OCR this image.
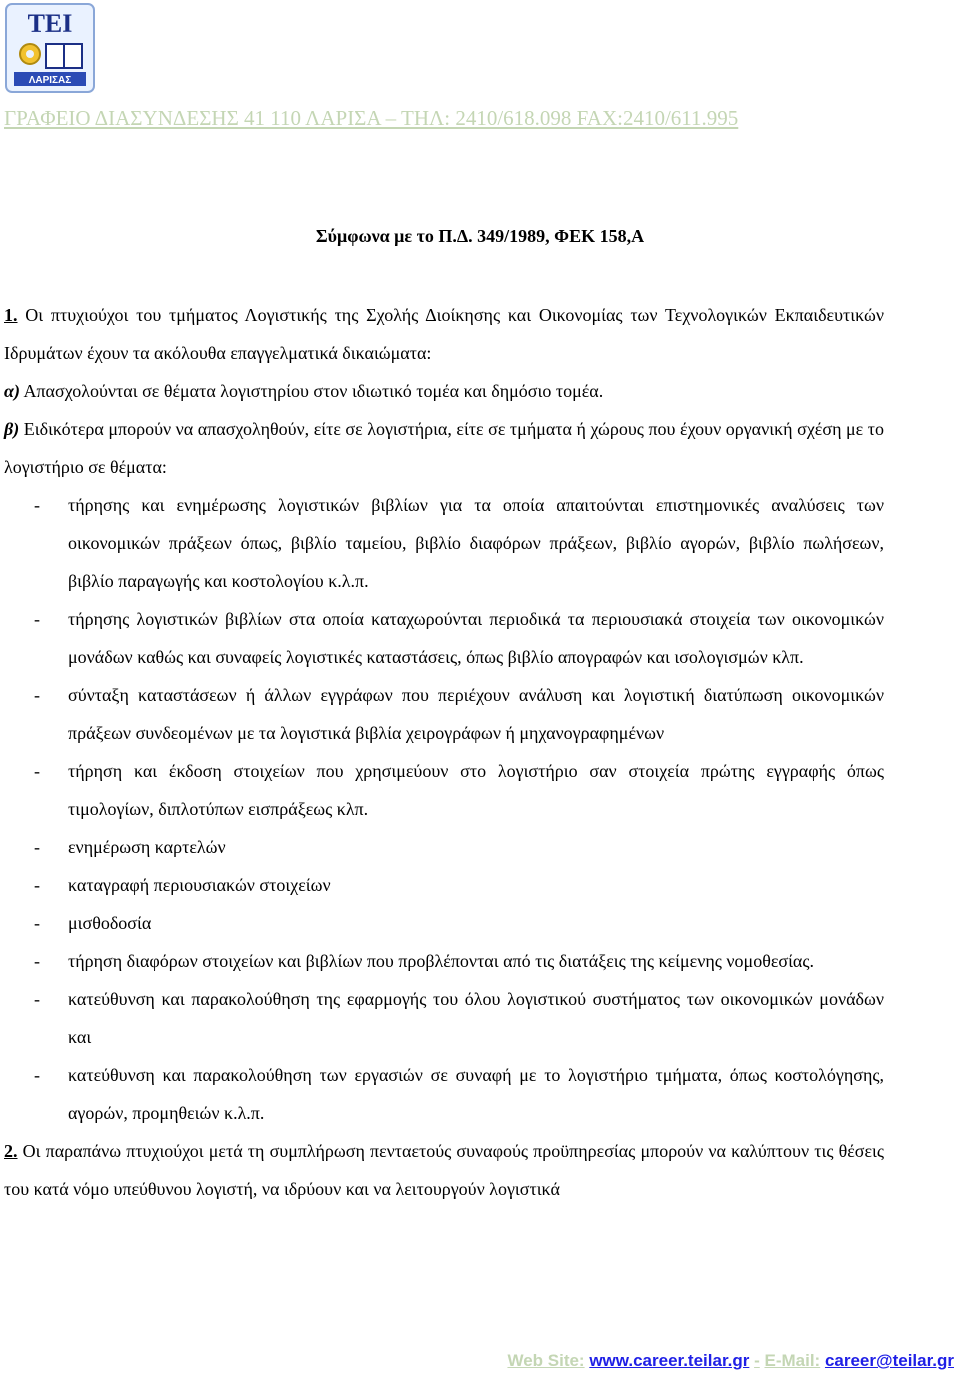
ΤΕΙ
ΛΑΡΙΣΑΣ
ΓΡΑΦΕΙΟ ΔΙΑΣΥΝΔΕΣΗΣ 41 110 ΛΑΡΙΣΑ – ΤΗΛ: 2410/618.098 FAX:2410/611.995
Σύμφωνα με το Π.Δ. 349/1989, ΦΕΚ 158,Α

1. Οι πτυχιούχοι του τμήματος Λογιστικής της Σχολής Διοίκησης και Οικονομίας των Τεχνολογικών Εκπαιδευτικών Ιδρυμάτων έχουν τα ακόλουθα επαγγελματικά δικαιώματα:

α) Απασχολούνται σε θέματα λογιστηρίου στον ιδιωτικό τομέα και δημόσιο τομέα.

β) Ειδικότερα μπορούν να απασχοληθούν, είτε σε λογιστήρια, είτε σε τμήματα ή χώρους που έχουν οργανική σχέση με το λογιστήριο σε θέματα:

- τήρησης και ενημέρωσης λογιστικών βιβλίων για τα οποία απαιτούνται επιστημονικές αναλύσεις των οικονομικών πράξεων όπως, βιβλίο ταμείου, βιβλίο διαφόρων πράξεων, βιβλίο αγορών, βιβλίο πωλήσεων, βιβλίο παραγωγής και κοστολογίου κ.λ.π.
- τήρησης λογιστικών βιβλίων στα οποία καταχωρούνται περιοδικά τα περιουσιακά στοιχεία των οικονομικών μονάδων καθώς και συναφείς λογιστικές καταστάσεις, όπως βιβλίο απογραφών και ισολογισμών κλπ.
- σύνταξη καταστάσεων ή άλλων εγγράφων που περιέχουν ανάλυση και λογιστική διατύπωση οικονομικών πράξεων συνδεομένων με τα λογιστικά βιβλία χειρογράφων ή μηχανογραφημένων
- τήρηση και έκδοση στοιχείων που χρησιμεύουν στο λογιστήριο σαν στοιχεία πρώτης εγγραφής όπως τιμολογίων, διπλοτύπων εισπράξεως κλπ.
- ενημέρωση καρτελών
- καταγραφή περιουσιακών στοιχείων
- μισθοδοσία
- τήρηση διαφόρων στοιχείων και βιβλίων που προβλέπονται από τις διατάξεις της κείμενης νομοθεσίας.
- κατεύθυνση και παρακολούθηση της εφαρμογής του όλου λογιστικού συστήματος των οικονομικών μονάδων και
- κατεύθυνση και παρακολούθηση των εργασιών σε συναφή με το λογιστήριο τμήματα, όπως κοστολόγησης, αγορών, προμηθειών κ.λ.π.

2. Οι παραπάνω πτυχιούχοι μετά τη συμπλήρωση πενταετούς συναφούς προϋπηρεσίας μπορούν να καλύπτουν τις θέσεις του κατά νόμο υπεύθυνου λογιστή, να ιδρύουν και να λειτουργούν λογιστικά

Web Site: www.career.teilar.gr - E-Mail: career@teilar.gr
